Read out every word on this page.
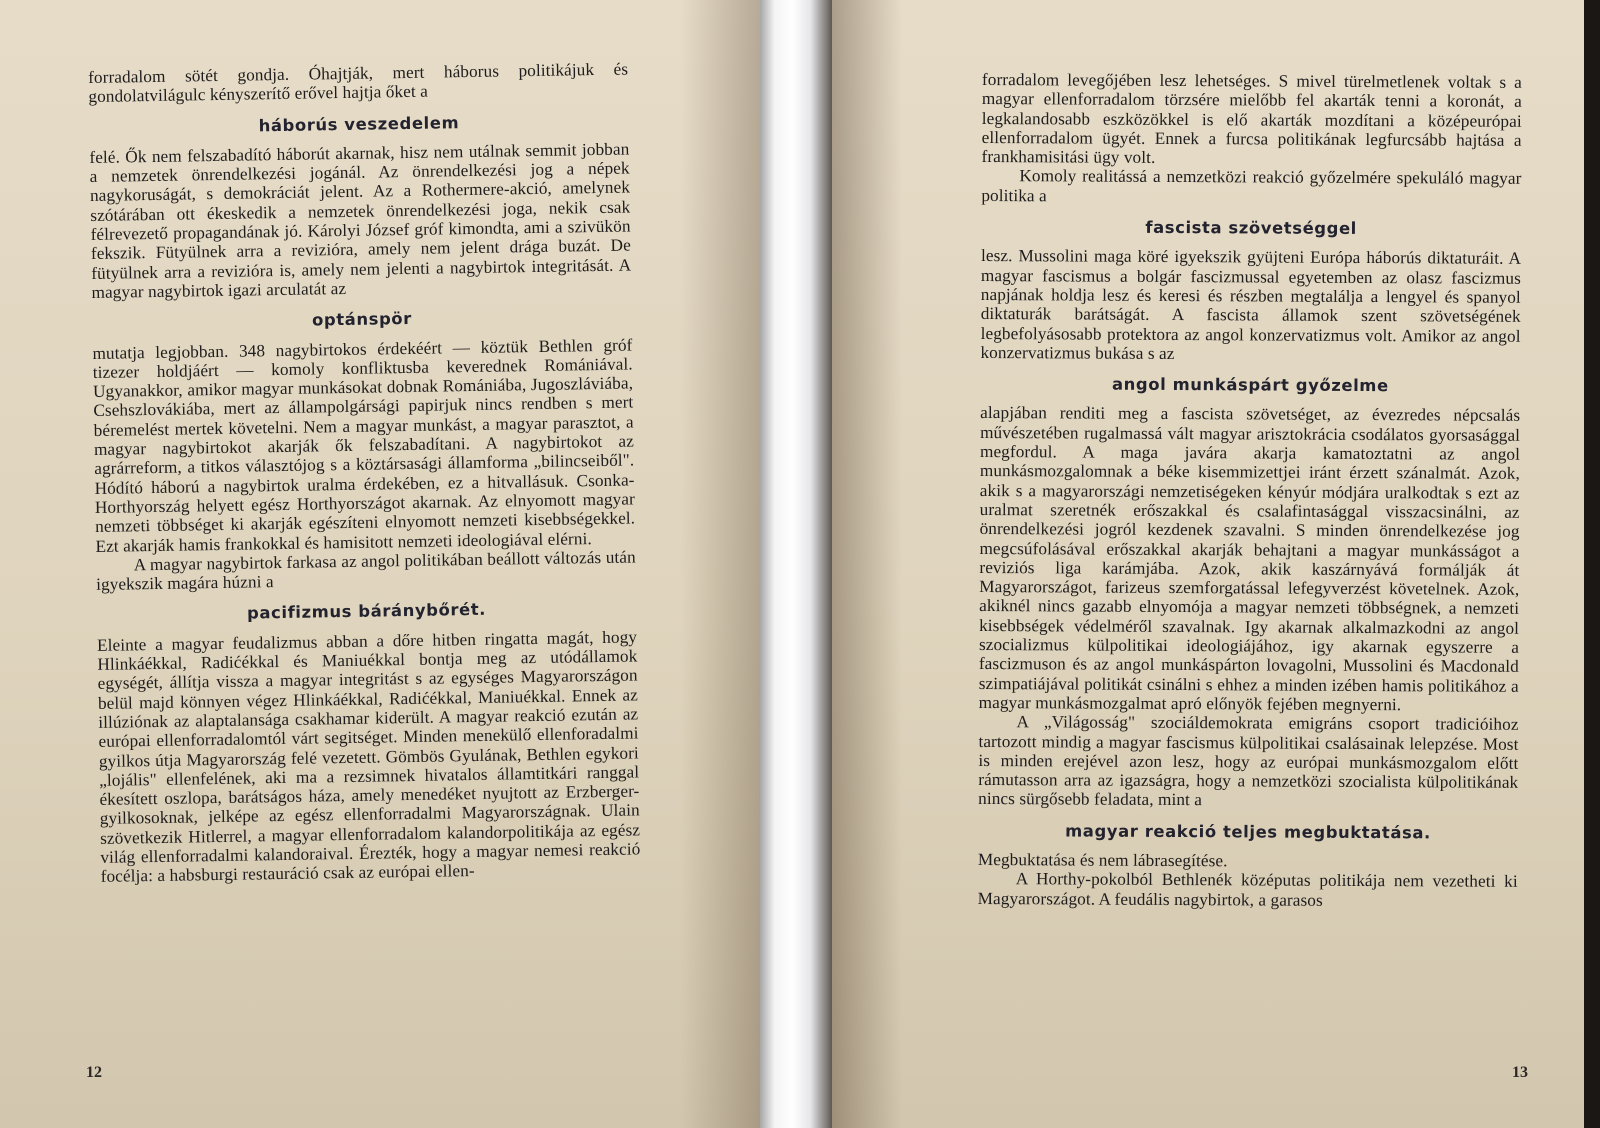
forradalom sötét gondja. Óhajtják, mert háborus politikájuk és gondolatvilágulc kényszerítő erővel hajtja őket a

háborús veszedelem

felé. Ők nem felszabadító háborút akarnak, hisz nem utálnak semmit jobban a nemzetek önrendelkezési jogánál. Az önrendelkezési jog a népek nagykoruságát, s demokráciát jelent. Az a Rothermere-akció, amelynek szótárában ott ékeskedik a nemzetek önrendelkezési joga, nekik csak félrevezető propagandának jó. Károlyi József gróf kimondta, ami a szivükön fekszik. Fütyülnek arra a revizióra, amely nem jelent drága buzát. De fütyülnek arra a revizióra is, amely nem jelenti a nagybirtok integritását. A magyar nagybirtok igazi arculatát az

optánspör

mutatja legjobban. 348 nagybirtokos érdekéért — köztük Bethlen gróf tizezer holdjáért — komoly konfliktusba keverednek Romániával. Ugyanakkor, amikor magyar munkásokat dobnak Romániába, Jugoszláviába, Csehszlovákiába, mert az állampolgársági papirjuk nincs rendben s mert béremelést mertek követelni. Nem a magyar munkást, a magyar parasztot, a magyar nagybirtokot akarják ők felszabadítani. A nagybirtokot az agrárreform, a titkos választójog s a köztársasági államforma „bilincseiből". Hódító háború a nagybirtok uralma érdekében, ez a hitvallásuk. Csonka-Horthyország helyett egész Horthyországot akarnak. Az elnyomott magyar nemzeti többséget ki akarják egészíteni elnyomott nemzeti kisebbségekkel. Ezt akarják hamis frankokkal és hamisitott nemzeti ideologiával elérni.

A magyar nagybirtok farkasa az angol politikában beállott változás után igyekszik magára húzni a

pacifizmus báránybőrét.

Eleinte a magyar feudalizmus abban a dőre hitben ringatta magát, hogy Hlinkáékkal, Radićékkal és Maniuékkal bontja meg az utódállamok egységét, állítja vissza a magyar integritást s az egységes Magyarországon belül majd könnyen végez Hlinkáékkal, Radićékkal, Maniuékkal. Ennek az illúziónak az alaptalansága csakhamar kiderült. A magyar reakció ezután az európai ellenforradalomtól várt segitséget. Minden menekülő ellenforadalmi gyilkos útja Magyarország felé vezetett. Gömbös Gyulának, Bethlen egykori „lojális" ellenfelének, aki ma a rezsimnek hivatalos államtitkári ranggal ékesített oszlopa, barátságos háza, amely menedéket nyujtott az Erzberger-gyilkosoknak, jelképe az egész ellenforradalmi Magyarországnak. Ulain szövetkezik Hitlerrel, a magyar ellenforradalom kalandorpolitikája az egész világ ellenforradalmi kalandoraival. Érezték, hogy a magyar nemesi reakció focélja: a habsburgi restauráció csak az európai ellen-

12

forradalom levegőjében lesz lehetséges. S mivel türelmetlenek voltak s a magyar ellenforradalom törzsére mielőbb fel akarták tenni a koronát, a legkalandosabb eszközökkel is elő akarták mozdítani a középeurópai ellenforradalom ügyét. Ennek a furcsa politikának legfurcsább hajtása a frankhamisitási ügy volt.

Komoly realitássá a nemzetközi reakció győzelmére spekuláló magyar politika a

fascista szövetséggel

lesz. Mussolini maga köré igyekszik gyüjteni Európa háborús diktaturáit. A magyar fascismus a bolgár fascizmussal egyetemben az olasz fascizmus napjának holdja lesz és keresi és részben megtalálja a lengyel és spanyol diktaturák barátságát. A fascista államok szent szövetségének legbefolyásosabb protektora az angol konzervatizmus volt. Amikor az angol konzervatizmus bukása s az

angol munkáspárt győzelme

alapjában renditi meg a fascista szövetséget, az évezredes népcsalás művészetében rugalmassá vált magyar arisztokrácia csodálatos gyorsasággal megfordul. A maga javára akarja kamatoztatni az angol munkásmozgalomnak a béke kisemmizettjei iránt érzett szánalmát. Azok, akik s a magyarországi nemzetiségeken kényúr módjára uralkodtak s ezt az uralmat szeretnék erőszakkal és csalafintasággal visszacsinálni, az önrendelkezési jogról kezdenek szavalni. S minden önrendelkezése jog megcsúfolásával erőszakkal akarják behajtani a magyar munkásságot a reviziós liga karámjába. Azok, akik kaszárnyává formálják át Magyarországot, farizeus szemforgatással lefegyverzést követelnek. Azok, akiknél nincs gazabb elnyomója a magyar nemzeti többségnek, a nemzeti kisebbségek védelméről szavalnak. Igy akarnak alkalmazkodni az angol szocializmus külpolitikai ideologiájához, igy akarnak egyszerre a fascizmuson és az angol munkáspárton lovagolni, Mussolini és Macdonald szimpatiájával politikát csinálni s ehhez a minden izében hamis politikához a magyar munkásmozgalmat apró előnyök fejében megnyerni.

A „Világosság" szociáldemokrata emigráns csoport tradicióihoz tartozott mindig a magyar fascismus külpolitikai csalásainak lelepzése. Most is minden erejével azon lesz, hogy az európai munkásmozgalom előtt rámutasson arra az igazságra, hogy a nemzetközi szocialista külpolitikának nincs sürgősebb feladata, mint a

magyar reakció teljes megbuktatása.

Megbuktatása és nem lábrasegítése.

A Horthy-pokolból Bethlenék középutas politikája nem vezetheti ki Magyarországot. A feudális nagybirtok, a garasos

13
